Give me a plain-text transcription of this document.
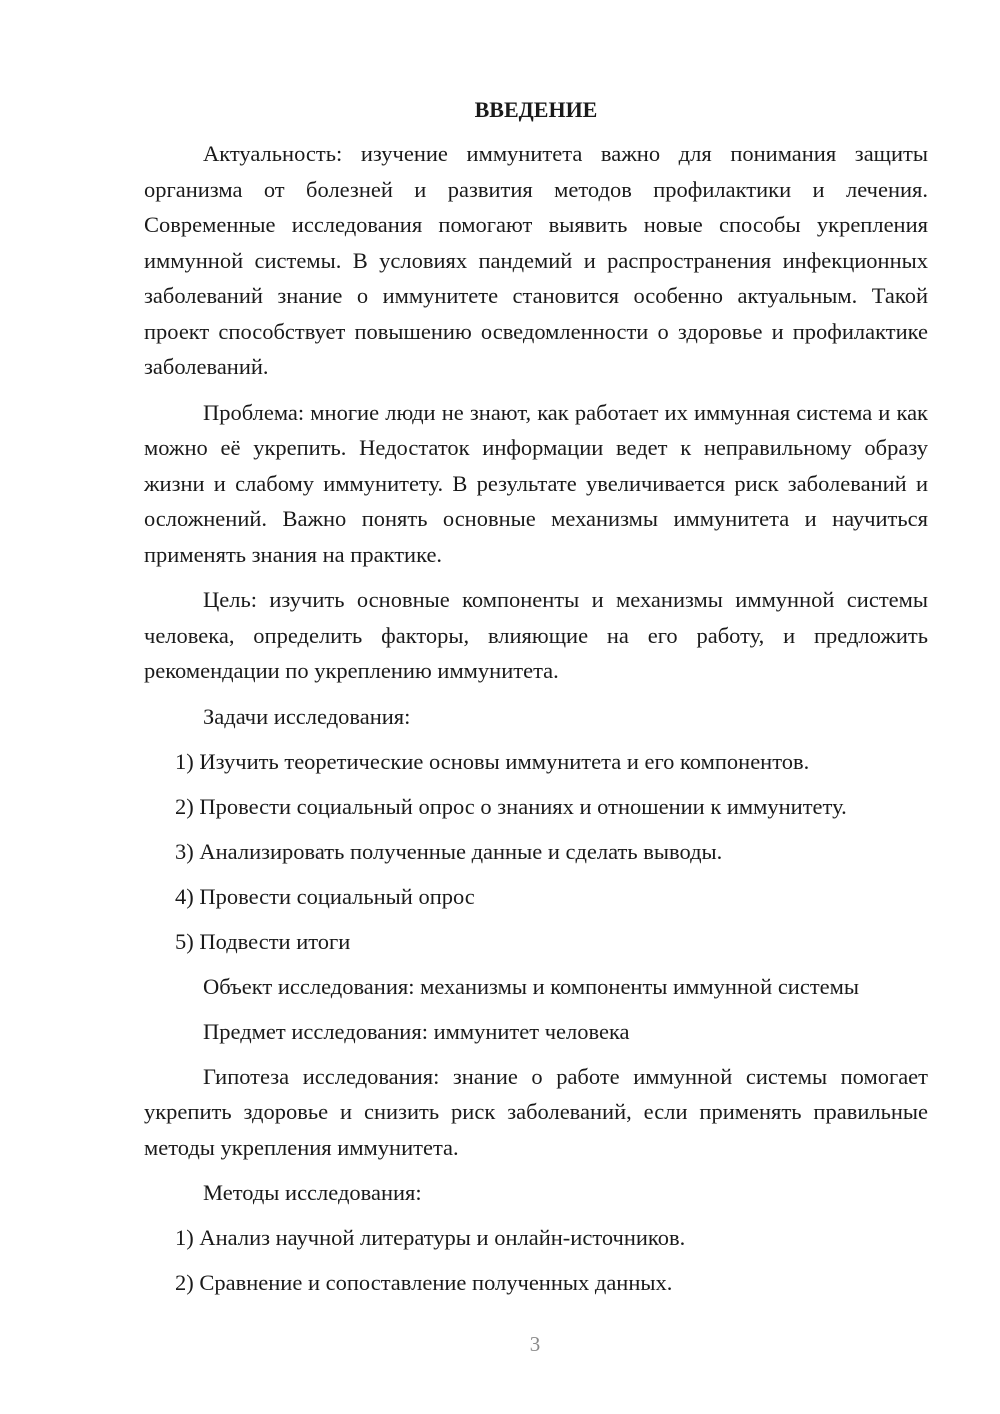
ВВЕДЕНИЕ

Актуальность: изучение иммунитета важно для понимания защиты организма от болезней и развития методов профилактики и лечения. Современные исследования помогают выявить новые способы укрепления иммунной системы. В условиях пандемий и распространения инфекционных заболеваний знание о иммунитете становится особенно актуальным. Такой проект способствует повышению осведомленности о здоровье и профилактике заболеваний.

Проблема: многие люди не знают, как работает их иммунная система и как можно её укрепить. Недостаток информации ведет к неправильному образу жизни и слабому иммунитету. В результате увеличивается риск заболеваний и осложнений. Важно понять основные механизмы иммунитета и научиться применять знания на практике.

Цель: изучить основные компоненты и механизмы иммунной системы человека, определить факторы, влияющие на его работу, и предложить рекомендации по укреплению иммунитета.

Задачи исследования:

1) Изучить теоретические основы иммунитета и его компонентов.
2) Провести социальный опрос о знаниях и отношении к иммунитету.
3) Анализировать полученные данные и сделать выводы.
4) Провести социальный опрос
5) Подвести итоги

Объект исследования: механизмы и компоненты иммунной системы

Предмет исследования: иммунитет человека

Гипотеза исследования: знание о работе иммунной системы помогает укрепить здоровье и снизить риск заболеваний, если применять правильные методы укрепления иммунитета.

Методы исследования:

1) Анализ научной литературы и онлайн-источников.
2) Сравнение и сопоставление полученных данных.
3
